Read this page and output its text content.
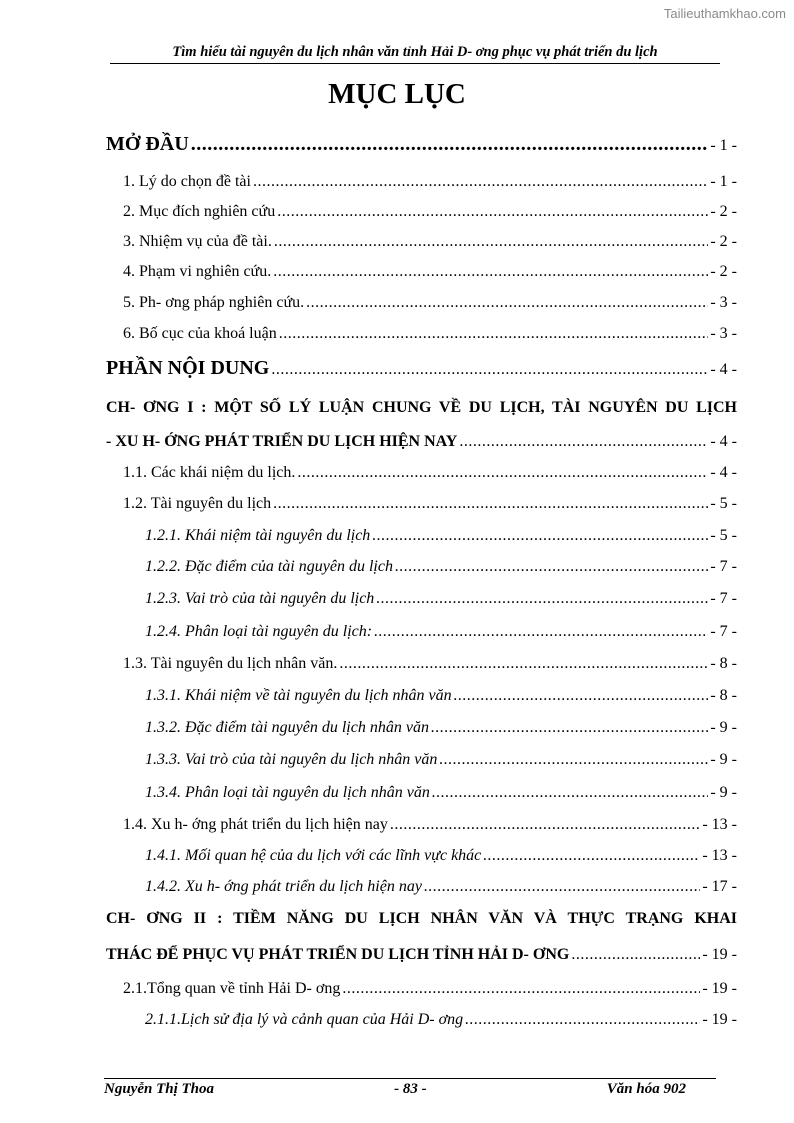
Tailieuthamkhao.com
Tìm hiểu tài nguyên du lịch nhân văn tỉnh Hải D- ơng phục vụ phát triển du lịch
MỤC LỤC
MỞ ĐẦU .....	- 1 -
1. Lý do chọn đề tài .....	- 1 -
2. Mục đích nghiên cứu .....	- 2 -
3. Nhiệm vụ của đề tài. .....	- 2 -
4. Phạm vi nghiên cứu. .....	- 2 -
5. Ph- ơng pháp nghiên cứu. .....	- 3 -
6. Bố cục của khoá luận .....	- 3 -
PHẦN NỘI DUNG .....	- 4 -
CH- ƠNG I : MỘT SỐ LÝ LUẬN CHUNG VỀ DU LỊCH, TÀI NGUYÊN DU LỊCH
- XU H- ỚNG PHÁT TRIỂN DU LỊCH HIỆN NAY .....	- 4 -
1.1. Các khái niệm du lịch. .....	- 4 -
1.2. Tài nguyên du lịch .....	- 5 -
1.2.1. Khái niệm tài nguyên du lịch .....	- 5 -
1.2.2. Đặc điểm của tài nguyên du lịch .....	- 7 -
1.2.3. Vai trò của tài nguyên du lịch .....	- 7 -
1.2.4. Phân loại tài nguyên du lịch: .....	- 7 -
1.3. Tài nguyên du lịch nhân văn. .....	- 8 -
1.3.1. Khái niệm về tài nguyên du lịch nhân văn .....	- 8 -
1.3.2. Đặc điểm tài nguyên du lịch nhân văn .....	- 9 -
1.3.3. Vai trò của tài nguyên du lịch nhân văn .....	- 9 -
1.3.4. Phân loại tài nguyên du lịch nhân văn .....	- 9 -
1.4. Xu h- ớng phát triển du lịch hiện nay .....	- 13 -
1.4.1. Mối quan hệ của du lịch với các lĩnh vực khác .....	- 13 -
1.4.2. Xu h- ớng phát triển du lịch hiện nay .....	- 17 -
CH- ƠNG II : TIỀM NĂNG DU LỊCH NHÂN VĂN VÀ THỰC TRẠNG KHAI
THÁC ĐỂ PHỤC VỤ PHÁT TRIỂN DU LỊCH TỈNH HẢI D- ƠNG .....	- 19 -
2.1.Tổng quan về tỉnh Hải D- ơng .....	- 19 -
2.1.1.Lịch sử địa lý và cảnh quan của Hải D- ơng .....	- 19 -
Nguyễn Thị Thoa	- 83 -	Văn hóa 902
